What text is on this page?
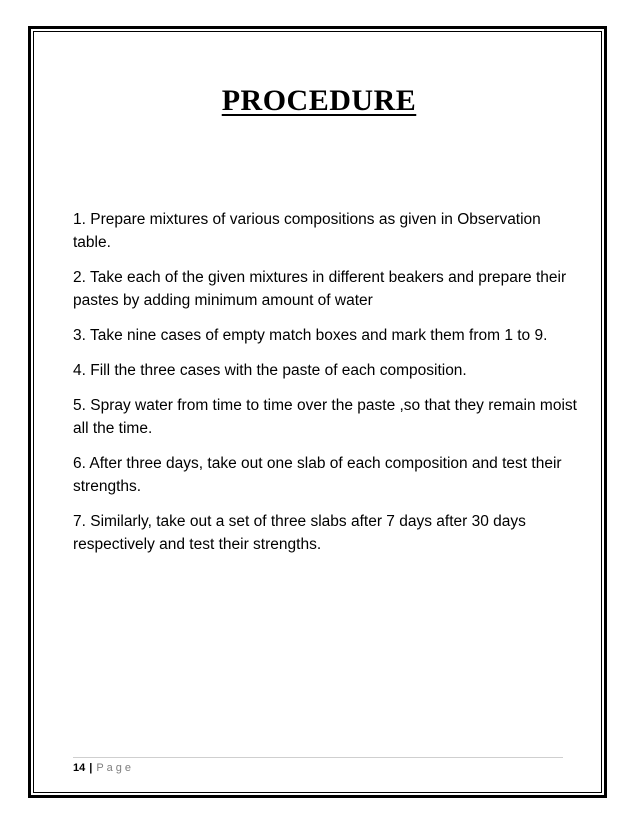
PROCEDURE
1. Prepare mixtures of various compositions as given in Observation table.
2. Take each of the given mixtures in different beakers and prepare their pastes by adding minimum amount of water
3. Take nine cases of empty match boxes and mark them from 1 to 9.
4. Fill the three cases with the paste of each composition.
5. Spray water from time to time over the paste ,so that they remain moist all the time.
6. After three days, take out one slab of each composition and test their strengths.
7. Similarly, take out a set of three slabs after 7 days after 30 days respectively and test their strengths.
14 | Page
